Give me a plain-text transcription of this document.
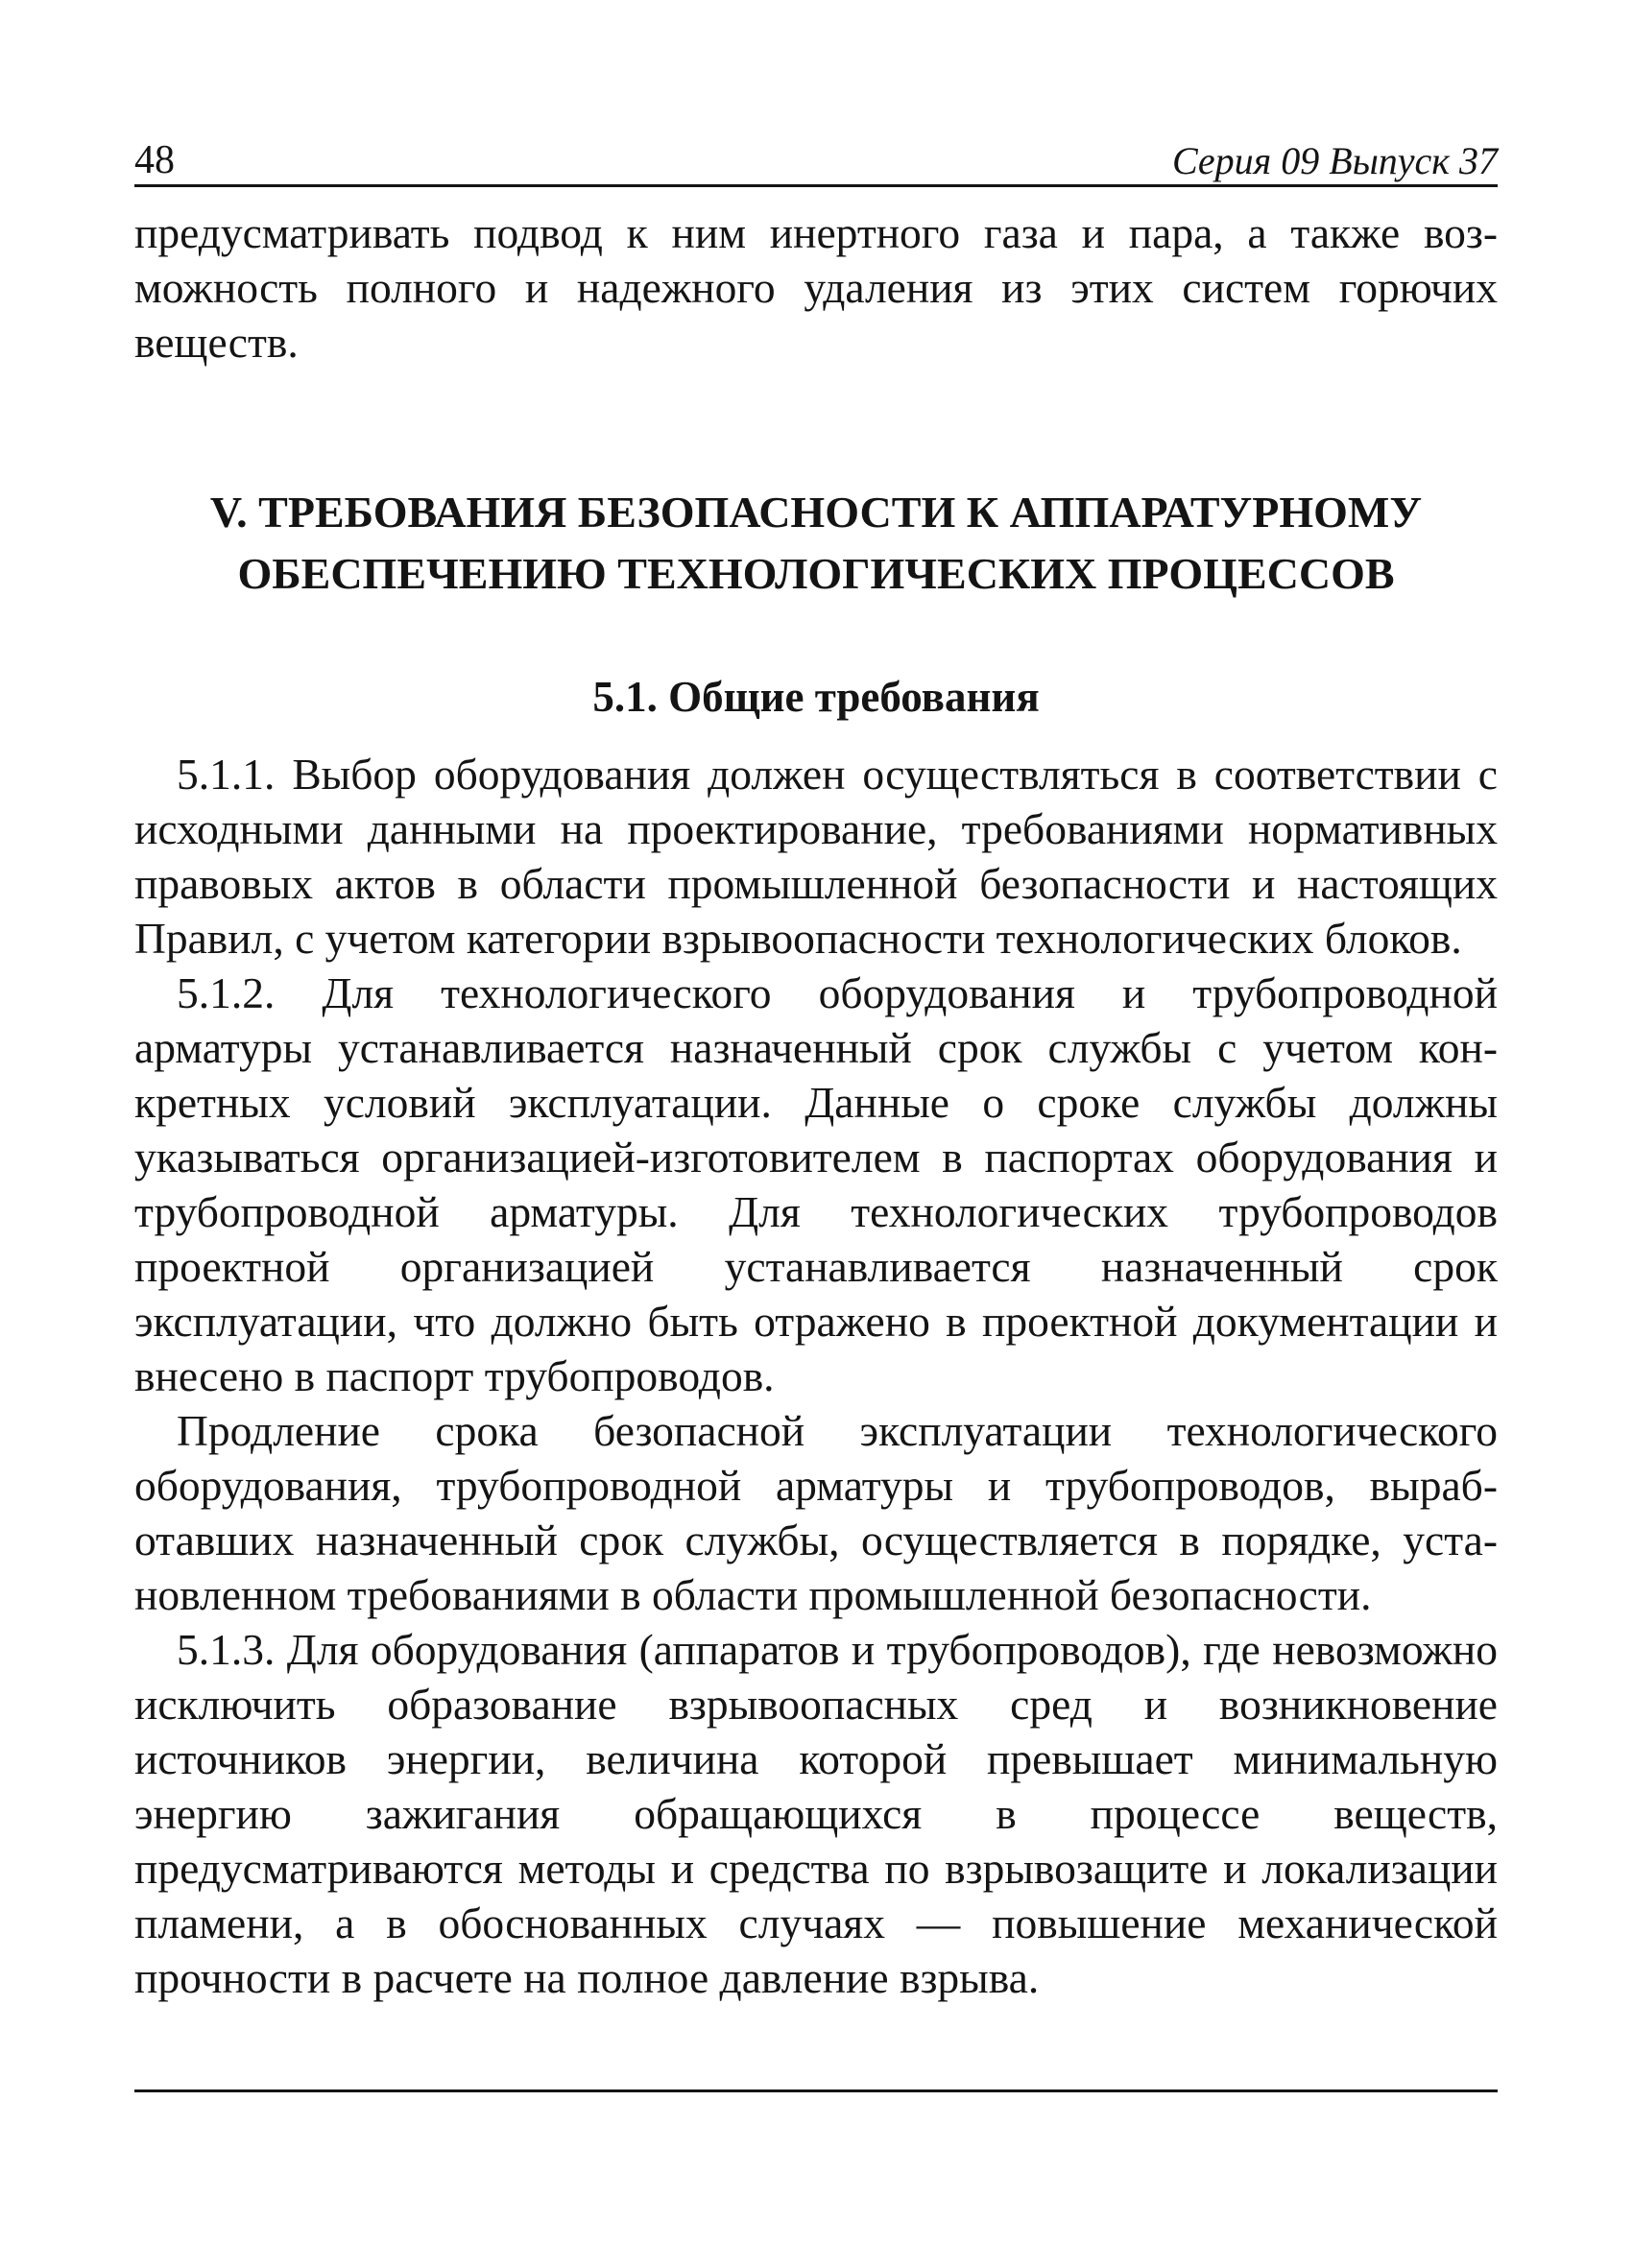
48	Серия 09 Выпуск 37

предусматривать подвод к ним инертного газа и пара, а также возможность полного и надежного удаления из этих систем горючих веществ.

V. ТРЕБОВАНИЯ БЕЗОПАСНОСТИ К АППАРАТУРНОМУ
ОБЕСПЕЧЕНИЮ ТЕХНОЛОГИЧЕСКИХ ПРОЦЕССОВ
5.1. Общие требования

5.1.1. Выбор оборудования должен осуществляться в соответствии с исходными данными на проектирование, требованиями нормативных правовых актов в области промышленной безопасности и настоящих Правил, с учетом категории взрывоопасности технологических блоков.

5.1.2. Для технологического оборудования и трубопроводной арматуры устанавливается назначенный срок службы с учетом конкретных условий эксплуатации. Данные о сроке службы должны указываться организацией-изготовителем в паспортах оборудования и трубопроводной арматуры. Для технологических трубопроводов проектной организацией устанавливается назначенный срок эксплуатации, что должно быть отражено в проектной документации и внесено в паспорт трубопроводов.

Продление срока безопасной эксплуатации технологического оборудования, трубопроводной арматуры и трубопроводов, выработавших назначенный срок службы, осуществляется в порядке, установленном требованиями в области промышленной безопасности.

5.1.3. Для оборудования (аппаратов и трубопроводов), где невозможно исключить образование взрывоопасных сред и возникновение источников энергии, величина которой превышает минимальную энергию зажигания обращающихся в процессе веществ, предусматриваются методы и средства по взрывозащите и локализации пламени, а в обоснованных случаях — повышение механической прочности в расчете на полное давление взрыва.
